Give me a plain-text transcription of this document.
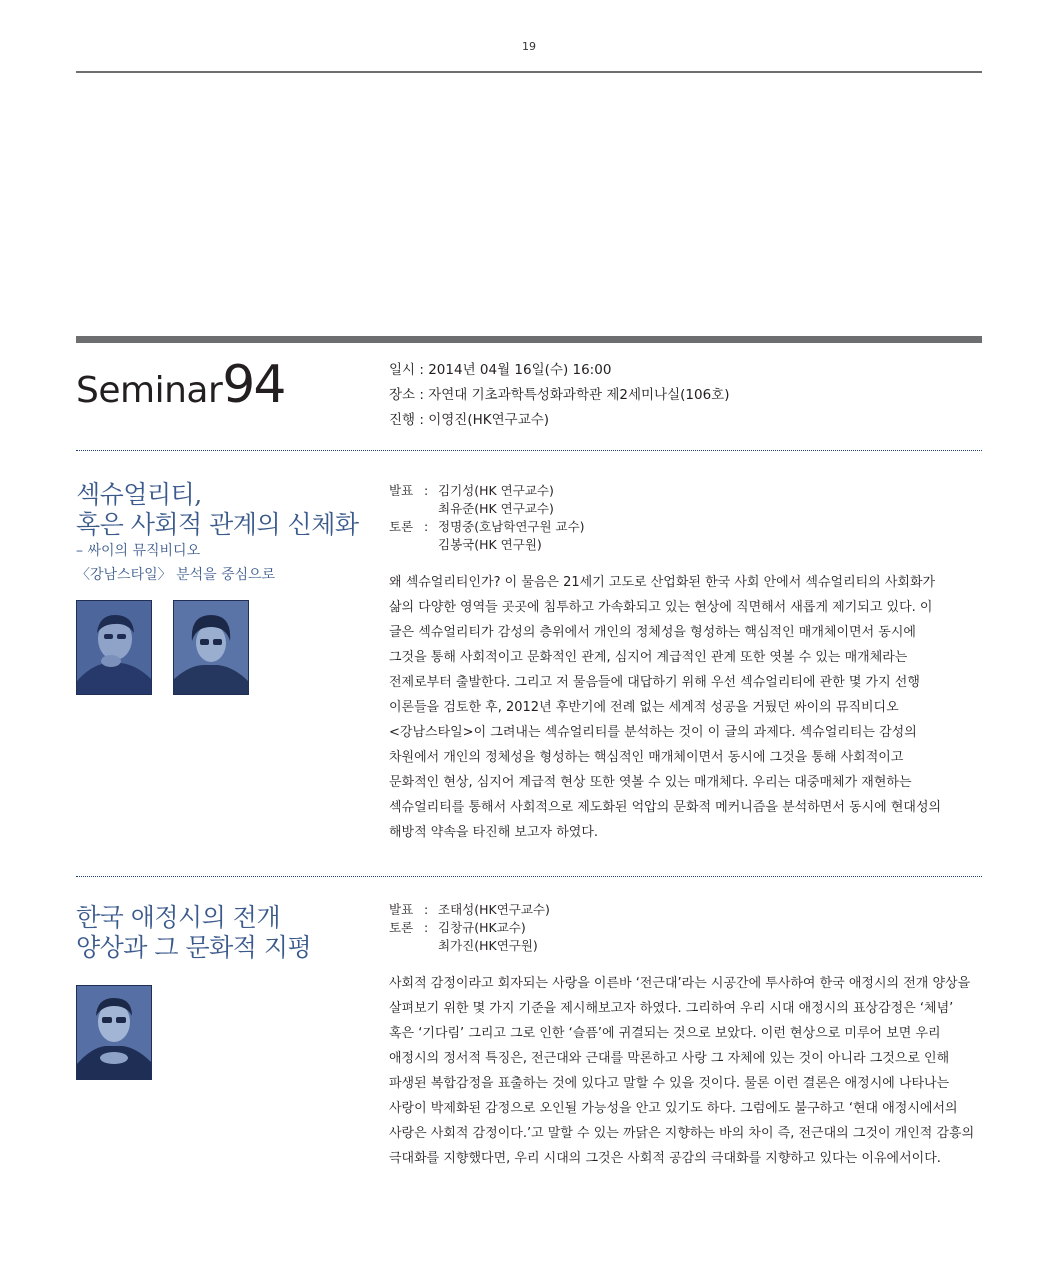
19
Seminar94	일시 : 2014년 04월 16일(수) 16:00
장소 : 자연대 기초과학특성화과학관 제2세미나실(106호)
진행 : 이영진(HK연구교수)
섹슈얼리티,
혹은 사회적 관계의 신체화
– 싸이의 뮤직비디오
〈강남스타일〉 분석을 중심으로
발표 : 김기성(HK 연구교수)
최유준(HK 연구교수)
토론 : 정명중(호남학연구원 교수)
김봉국(HK 연구원)
왜 섹슈얼리티인가? 이 물음은 21세기 고도로 산업화된 한국 사회 안에서 섹슈얼리티의 사회화가
삶의 다양한 영역들 곳곳에 침투하고 가속화되고 있는 현상에 직면해서 새롭게 제기되고 있다. 이
글은 섹슈얼리티가 감성의 층위에서 개인의 정체성을 형성하는 핵심적인 매개체이면서 동시에
그것을 통해 사회적이고 문화적인 관계, 심지어 계급적인 관계 또한 엿볼 수 있는 매개체라는
전제로부터 출발한다. 그리고 저 물음들에 대답하기 위해 우선 섹슈얼리티에 관한 몇 가지 선행
이론들을 검토한 후, 2012년 후반기에 전례 없는 세계적 성공을 거뒀던 싸이의 뮤직비디오
<강남스타일>이 그려내는 섹슈얼리티를 분석하는 것이 이 글의 과제다. 섹슈얼리티는 감성의
차원에서 개인의 정체성을 형성하는 핵심적인 매개체이면서 동시에 그것을 통해 사회적이고
문화적인 현상, 심지어 계급적 현상 또한 엿볼 수 있는 매개체다. 우리는 대중매체가 재현하는
섹슈얼리티를 통해서 사회적으로 제도화된 억압의 문화적 메커니즘을 분석하면서 동시에 현대성의
해방적 약속을 타진해 보고자 하였다.
한국 애정시의 전개
양상과 그 문화적 지평
발표 : 조태성(HK연구교수)
토론 : 김창규(HK교수)
최가진(HK연구원)
사회적 감정이라고 회자되는 사랑을 이른바 ‘전근대’라는 시공간에 투사하여 한국 애정시의 전개 양상을
살펴보기 위한 몇 가지 기준을 제시해보고자 하였다. 그리하여 우리 시대 애정시의 표상감정은 ‘체념’
혹은 ‘기다림’ 그리고 그로 인한 ‘슬픔’에 귀결되는 것으로 보았다. 이런 현상으로 미루어 보면 우리
애정시의 정서적 특징은, 전근대와 근대를 막론하고 사랑 그 자체에 있는 것이 아니라 그것으로 인해
파생된 복합감정을 표출하는 것에 있다고 말할 수 있을 것이다. 물론 이런 결론은 애정시에 나타나는
사랑이 박제화된 감정으로 오인될 가능성을 안고 있기도 하다. 그럼에도 불구하고 ‘현대 애정시에서의
사랑은 사회적 감정이다.’고 말할 수 있는 까닭은 지향하는 바의 차이 즉, 전근대의 그것이 개인적 감흥의
극대화를 지향했다면, 우리 시대의 그것은 사회적 공감의 극대화를 지향하고 있다는 이유에서이다.
